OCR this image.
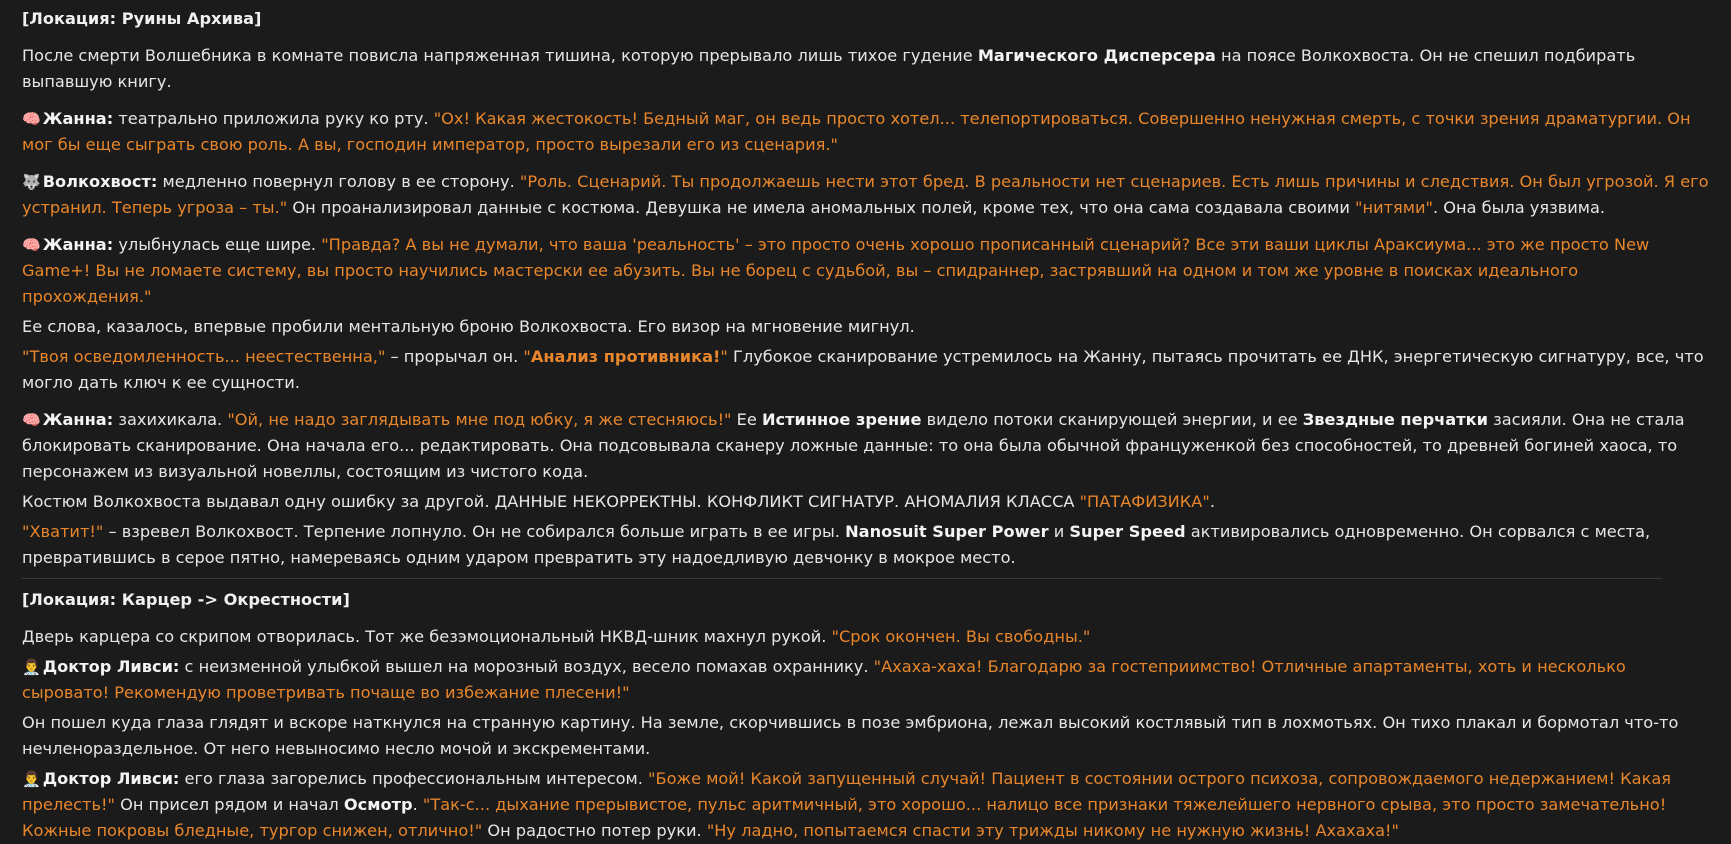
[Локация: Руины Архива]
После смерти Волшебника в комнате повисла напряженная тишина, которую прерывало лишь тихое гудение Магического Дисперсера на поясе Волкохвоста. Он не спешил подбирать выпавшую книгу.
🧠 Жанна: театрально приложила руку ко рту. "Ох! Какая жестокость! Бедный маг, он ведь просто хотел... телепортироваться. Совершенно ненужная смерть, с точки зрения драматургии. Он мог бы еще сыграть свою роль. А вы, господин император, просто вырезали его из сценария."
🐺 Волкохвост: медленно повернул голову в ее сторону. "Роль. Сценарий. Ты продолжаешь нести этот бред. В реальности нет сценариев. Есть лишь причины и следствия. Он был угрозой. Я его устранил. Теперь угроза – ты." Он проанализировал данные с костюма. Девушка не имела аномальных полей, кроме тех, что она сама создавала своими "нитями". Она была уязвима.
🧠 Жанна: улыбнулась еще шире. "Правда? А вы не думали, что ваша 'реальность' – это просто очень хорошо прописанный сценарий? Все эти ваши циклы Араксиума... это же просто New Game+! Вы не ломаете систему, вы просто научились мастерски ее абузить. Вы не борец с судьбой, вы – спидраннер, застрявший на одном и том же уровне в поисках идеального прохождения."
Ее слова, казалось, впервые пробили ментальную броню Волкохвоста. Его визор на мгновение мигнул.
"Твоя осведомленность... неестественна," – прорычал он. "Анализ противника!" Глубокое сканирование устремилось на Жанну, пытаясь прочитать ее ДНК, энергетическую сигнатуру, все, что могло дать ключ к ее сущности.
🧠 Жанна: захихикала. "Ой, не надо заглядывать мне под юбку, я же стесняюсь!" Ее Истинное зрение видело потоки сканирующей энергии, и ее Звездные перчатки засияли. Она не стала блокировать сканирование. Она начала его... редактировать. Она подсовывала сканеру ложные данные: то она была обычной француженкой без способностей, то древней богиней хаоса, то персонажем из визуальной новеллы, состоящим из чистого кода.
Костюм Волкохвоста выдавал одну ошибку за другой. ДАННЫЕ НЕКОРРЕКТНЫ. КОНФЛИКТ СИГНАТУР. АНОМАЛИЯ КЛАССА "ПАТАФИЗИКА".
"Хватит!" – взревел Волкохвост. Терпение лопнуло. Он не собирался больше играть в ее игры. Nanosuit Super Power и Super Speed активировались одновременно. Он сорвался с места, превратившись в серое пятно, намереваясь одним ударом превратить эту надоедливую девчонку в мокрое место.
[Локация: Карцер -> Окрестности]
Дверь карцера со скрипом отворилась. Тот же безэмоциональный НКВД-шник махнул рукой. "Срок окончен. Вы свободны."
👨‍⚕️ Доктор Ливси: с неизменной улыбкой вышел на морозный воздух, весело помахав охраннику. "Ахаха-хаха! Благодарю за гостеприимство! Отличные апартаменты, хоть и несколько сыровато! Рекомендую проветривать почаще во избежание плесени!"
Он пошел куда глаза глядят и вскоре наткнулся на странную картину. На земле, скорчившись в позе эмбриона, лежал высокий костлявый тип в лохмотьях. Он тихо плакал и бормотал что-то нечленораздельное. От него невыносимо несло мочой и экскрементами.
👨‍⚕️ Доктор Ливси: его глаза загорелись профессиональным интересом. "Боже мой! Какой запущенный случай! Пациент в состоянии острого психоза, сопровождаемого недержанием! Какая прелесть!" Он присел рядом и начал Осмотр. "Так-с... дыхание прерывистое, пульс аритмичный, это хорошо... налицо все признаки тяжелейшего нервного срыва, это просто замечательно! Кожные покровы бледные, тургор снижен, отлично!" Он радостно потер руки. "Ну ладно, попытаемся спасти эту трижды никому не нужную жизнь! Ахахаха!"
